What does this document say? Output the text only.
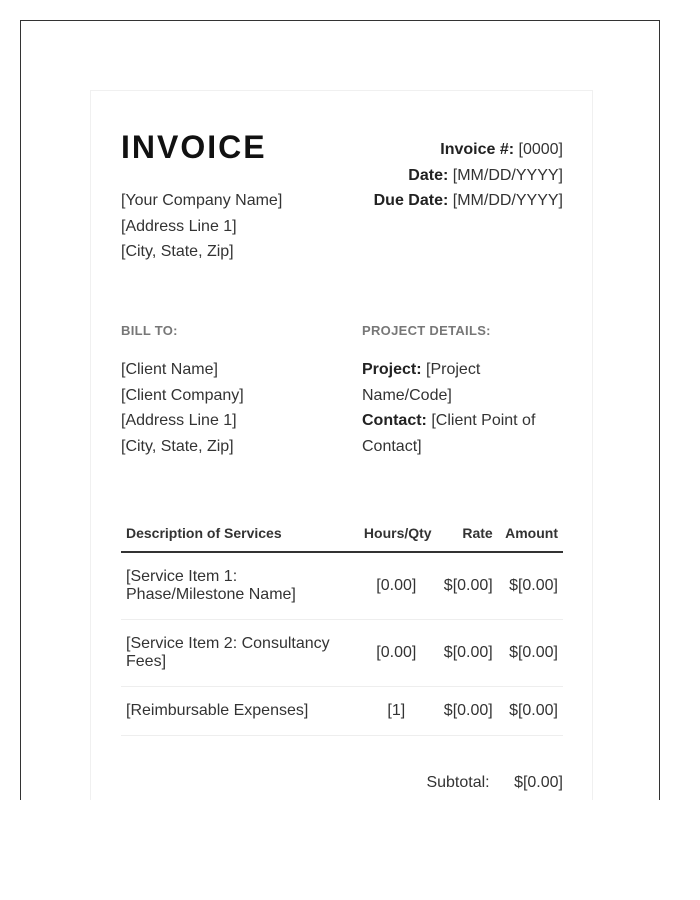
INVOICE
[Your Company Name]
[Address Line 1]
[City, State, Zip]
Invoice #: [0000]
Date: [MM/DD/YYYY]
Due Date: [MM/DD/YYYY]
BILL TO:	PROJECT DETAILS:
[Client Name]
[Client Company]
[Address Line 1]
[City, State, Zip]
Project: [Project Name/Code]
Contact: [Client Point of Contact]
Description of Services	Hours/Qty	Rate	Amount
[Service Item 1: Phase/Milestone Name]	[0.00]	$[0.00]	$[0.00]
[Service Item 2: Consultancy Fees]	[0.00]	$[0.00]	$[0.00]
[Reimbursable Expenses]	[1]	$[0.00]	$[0.00]
Subtotal: $[0.00]
